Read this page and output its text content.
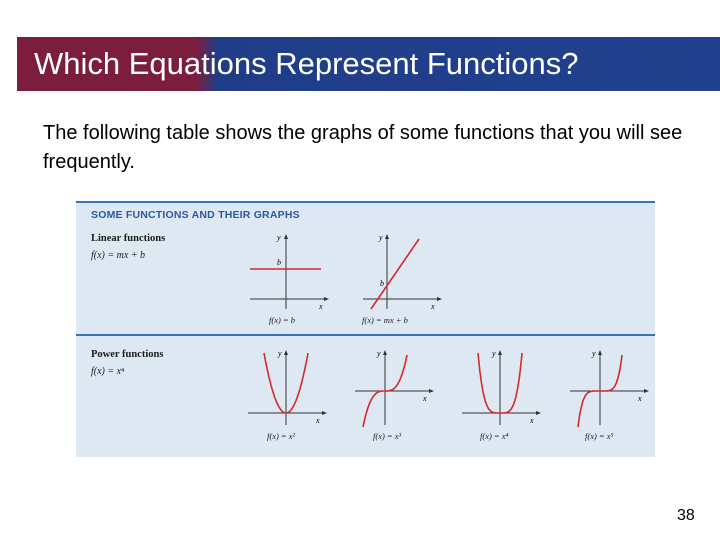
Which Equations Represent Functions?
The following table shows the graphs of some functions that you will see frequently.
SOME FUNCTIONS AND THEIR GRAPHS
Linear functions
f(x) = mx + b
Power functions
f(x) = xⁿ
y
x
b
f(x) = b
y
x
b
f(x) = mx + b
y
x
f(x) = x²
y
x
f(x) = x³
y
x
f(x) = x⁴
y
x
f(x) = x⁵
38
